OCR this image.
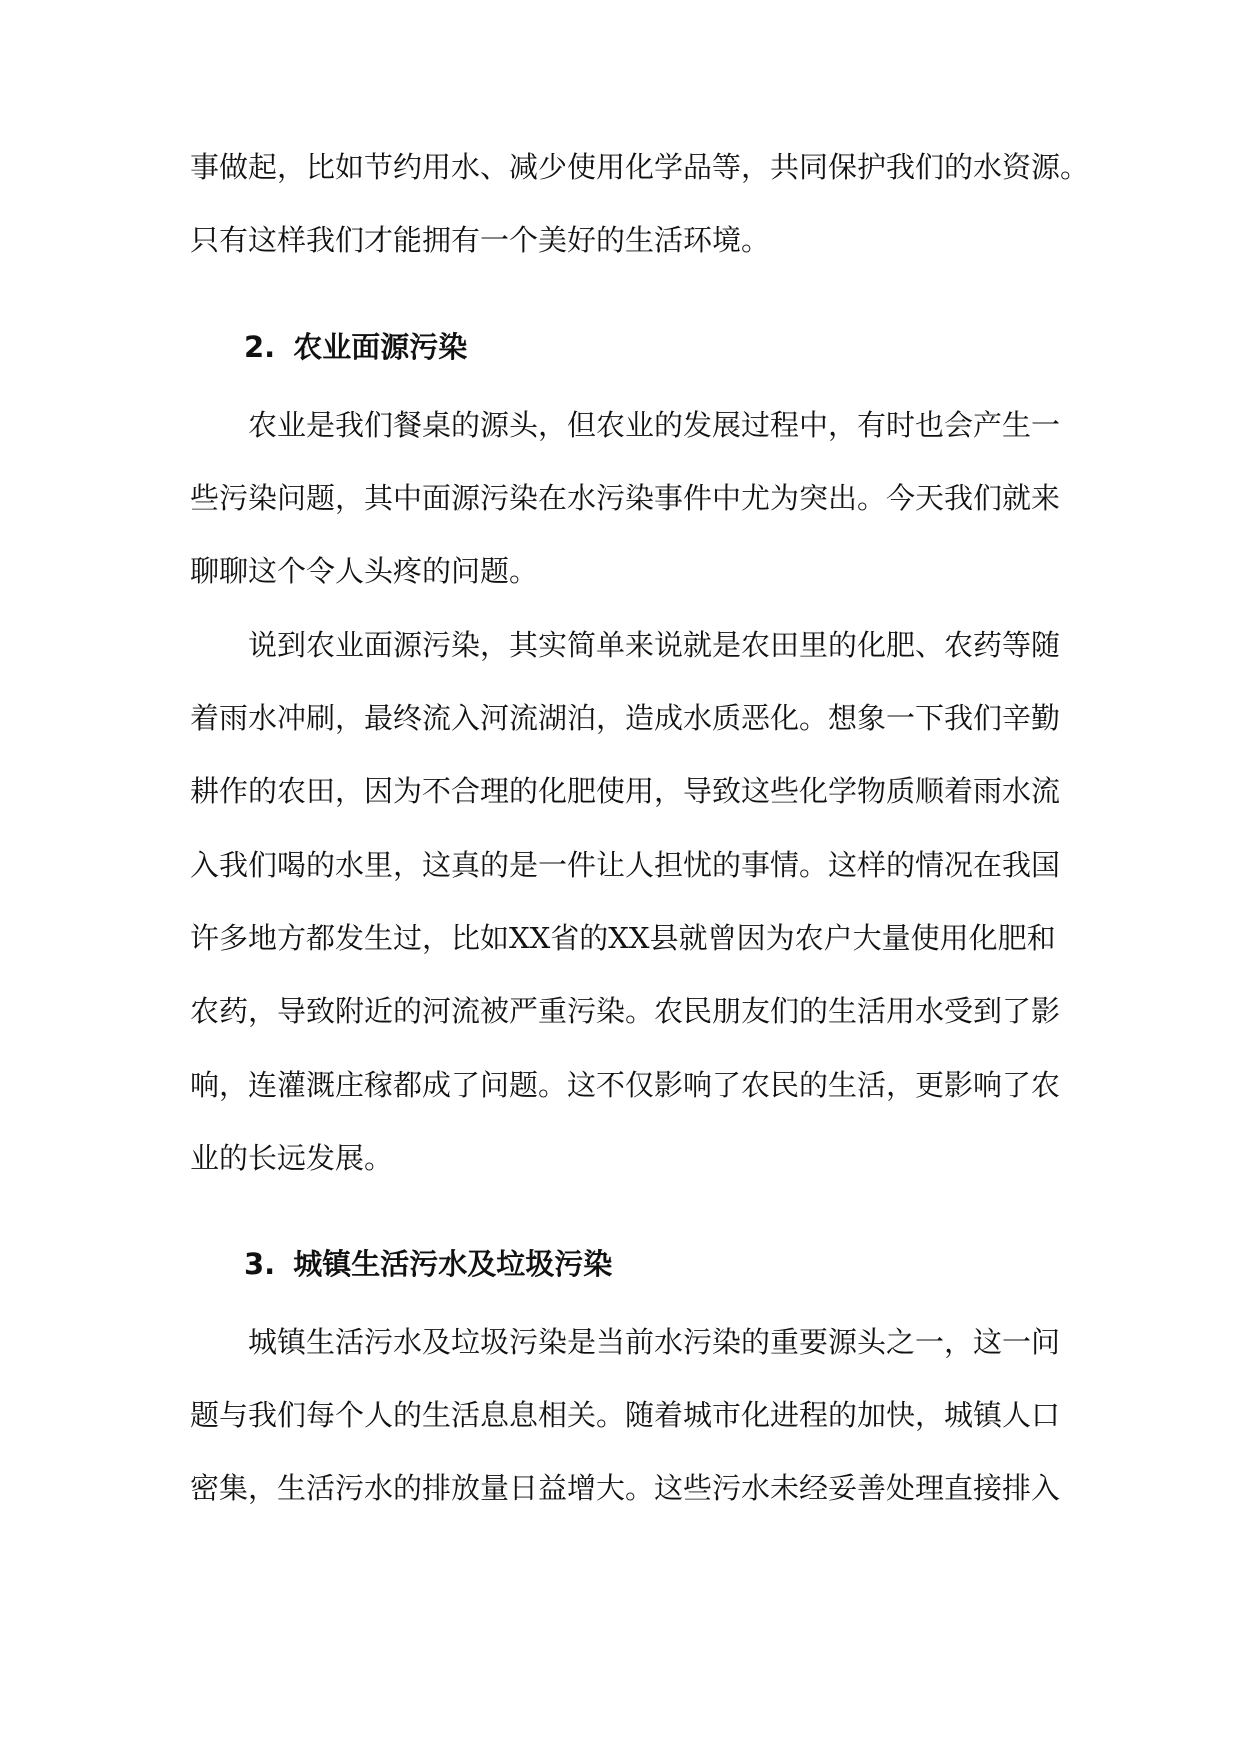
事做起，比如节约用水、减少使用化学品等，共同保护我们的水资源。
只有这样我们才能拥有一个美好的生活环境。
2. 农业面源污染
农业是我们餐桌的源头，但农业的发展过程中，有时也会产生一
些污染问题，其中面源污染在水污染事件中尤为突出。今天我们就来
聊聊这个令人头疼的问题。
说到农业面源污染，其实简单来说就是农田里的化肥、农药等随
着雨水冲刷，最终流入河流湖泊，造成水质恶化。想象一下我们辛勤
耕作的农田，因为不合理的化肥使用，导致这些化学物质顺着雨水流
入我们喝的水里，这真的是一件让人担忧的事情。这样的情况在我国
许多地方都发生过，比如XX省的XX县就曾因为农户大量使用化肥和
农药，导致附近的河流被严重污染。农民朋友们的生活用水受到了影
响，连灌溉庄稼都成了问题。这不仅影响了农民的生活，更影响了农
业的长远发展。
3. 城镇生活污水及垃圾污染
城镇生活污水及垃圾污染是当前水污染的重要源头之一，这一问
题与我们每个人的生活息息相关。随着城市化进程的加快，城镇人口
密集，生活污水的排放量日益增大。这些污水未经妥善处理直接排入
